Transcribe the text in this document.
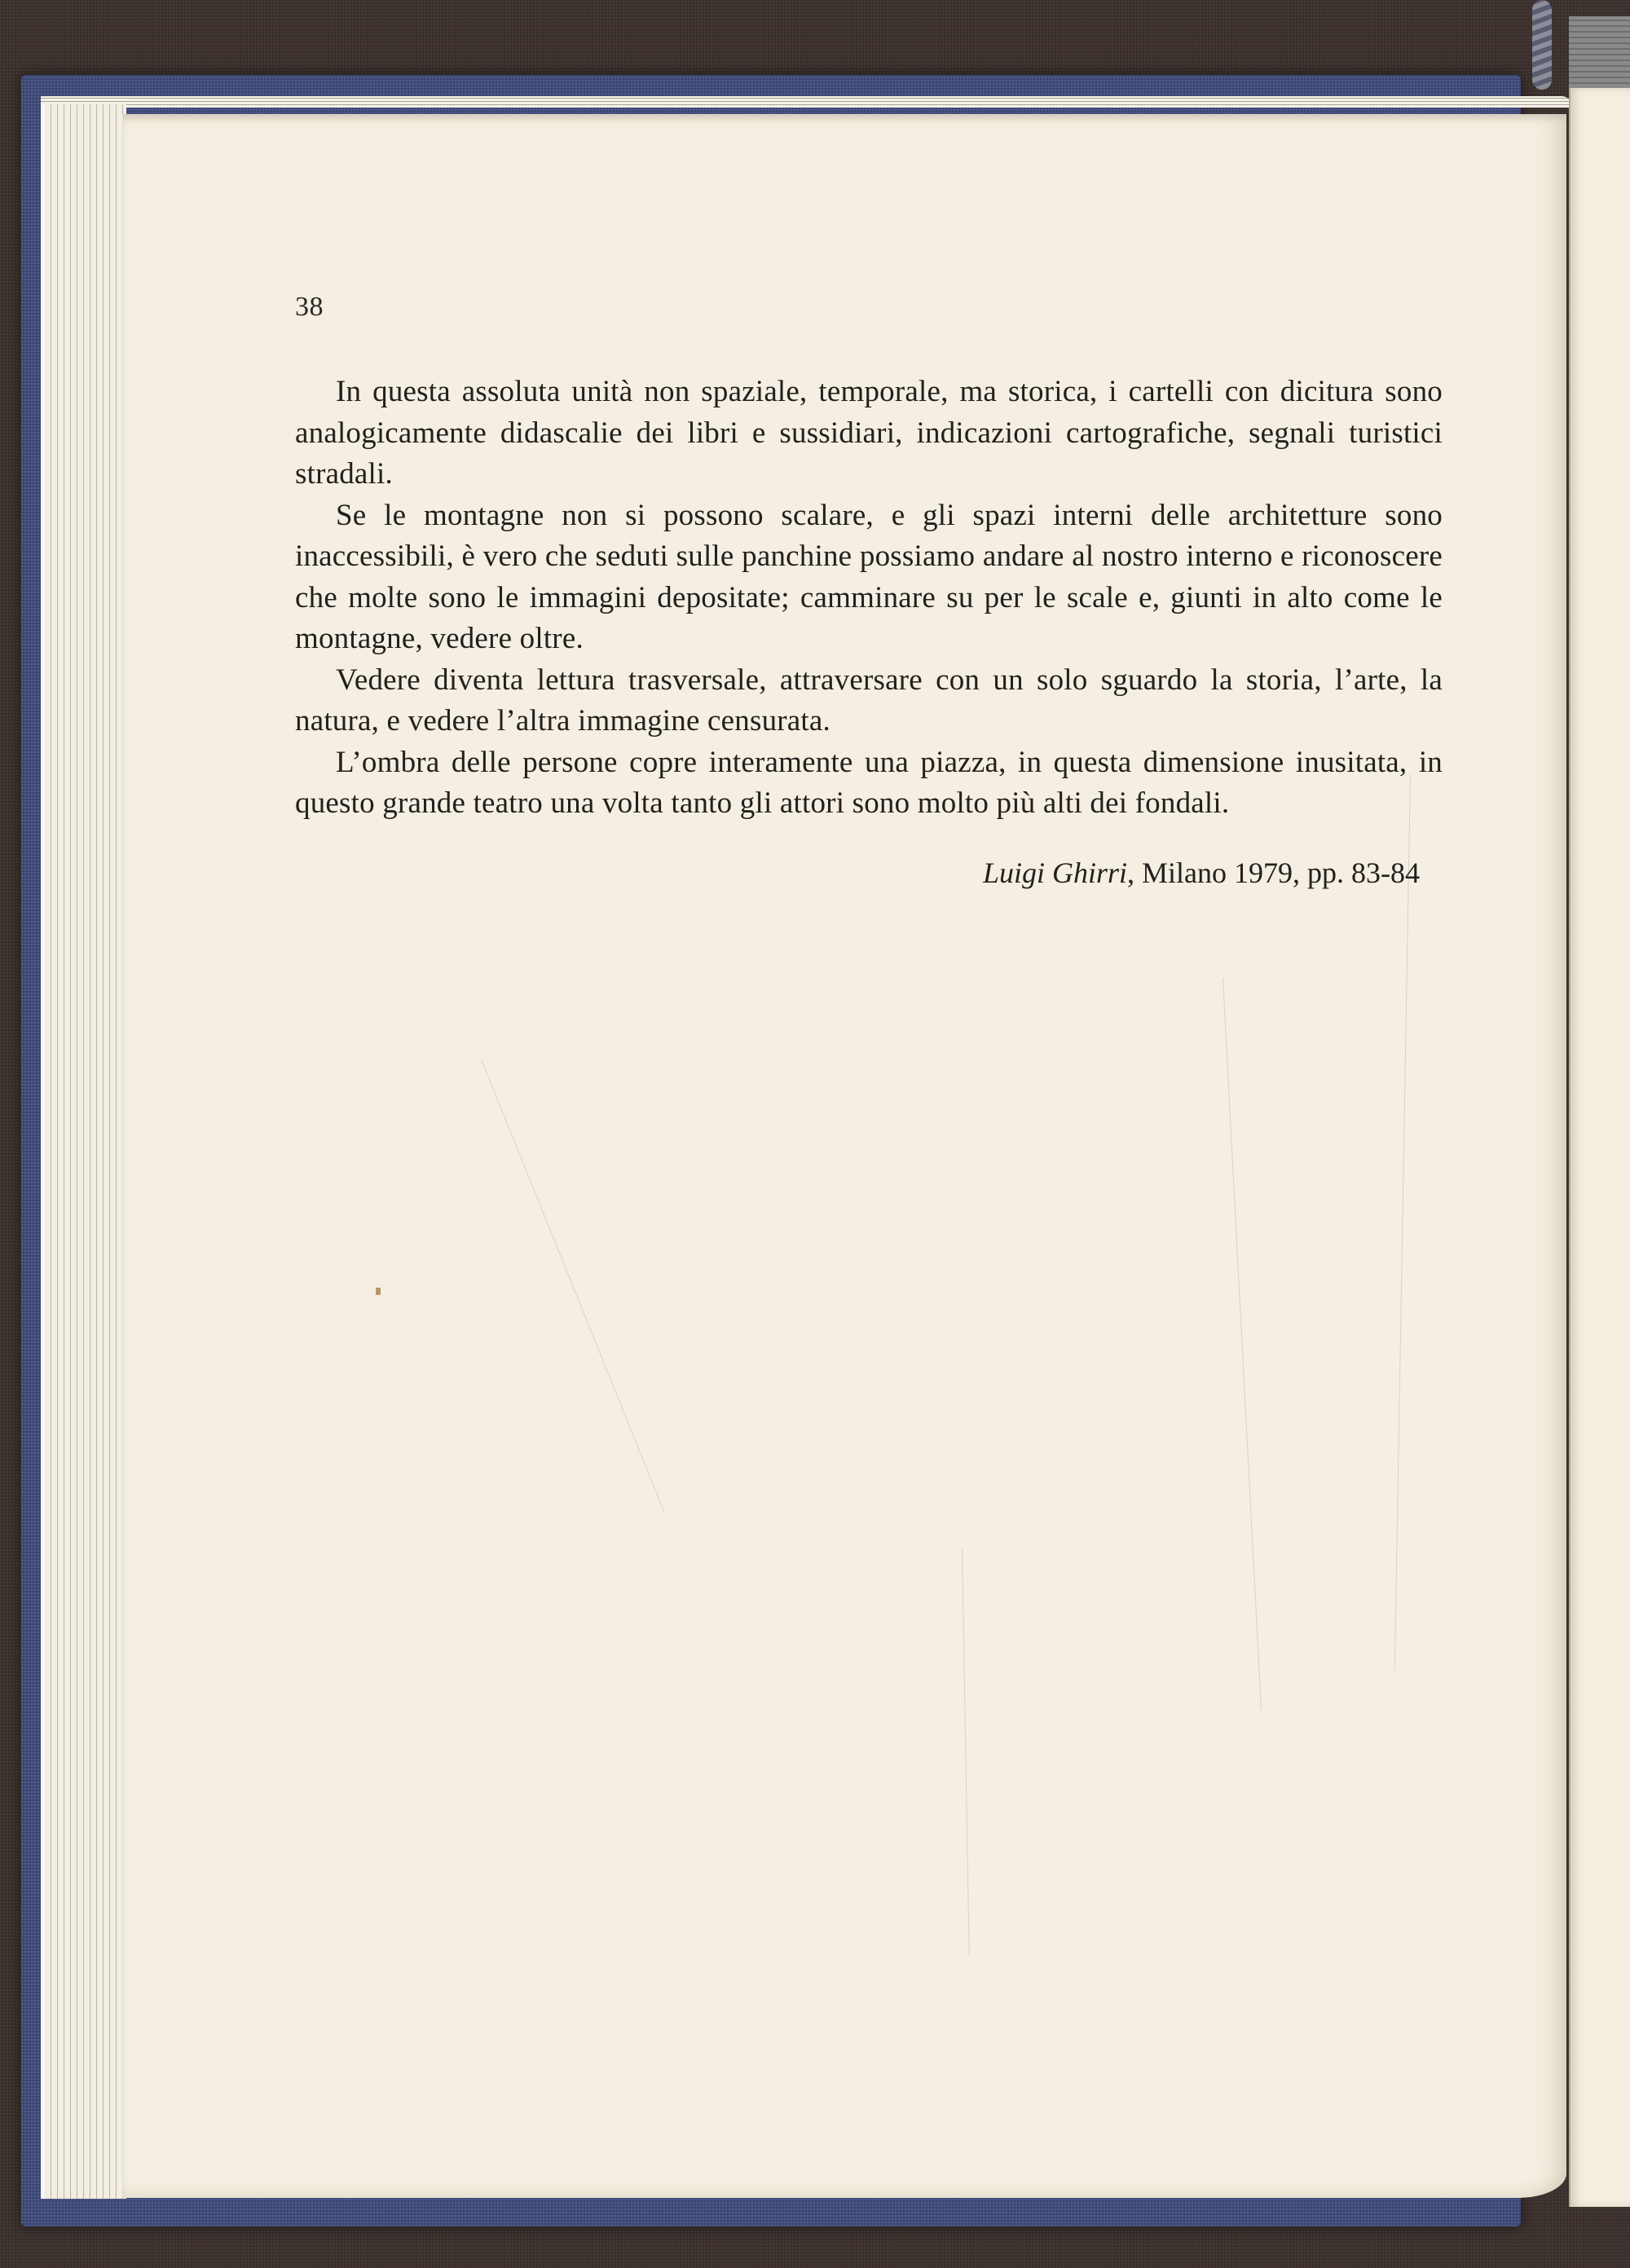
38

In questa assoluta unità non spaziale, temporale, ma storica, i cartelli con dicitura sono analogicamente didascalie dei libri e sussidiari, indicazioni cartografiche, segnali turistici stradali.

Se le montagne non si possono scalare, e gli spazi interni delle architetture sono inaccessibili, è vero che seduti sulle panchine possiamo andare al nostro interno e riconoscere che molte sono le immagini depositate; camminare su per le scale e, giunti in alto come le montagne, vedere oltre.

Vedere diventa lettura trasversale, attraversare con un solo sguardo la storia, l’arte, la natura, e vedere l’altra immagine censurata.

L’ombra delle persone copre interamente una piazza, in questa dimensione inusitata, in questo grande teatro una volta tanto gli attori sono molto più alti dei fondali.

Luigi Ghirri, Milano 1979, pp. 83-84
